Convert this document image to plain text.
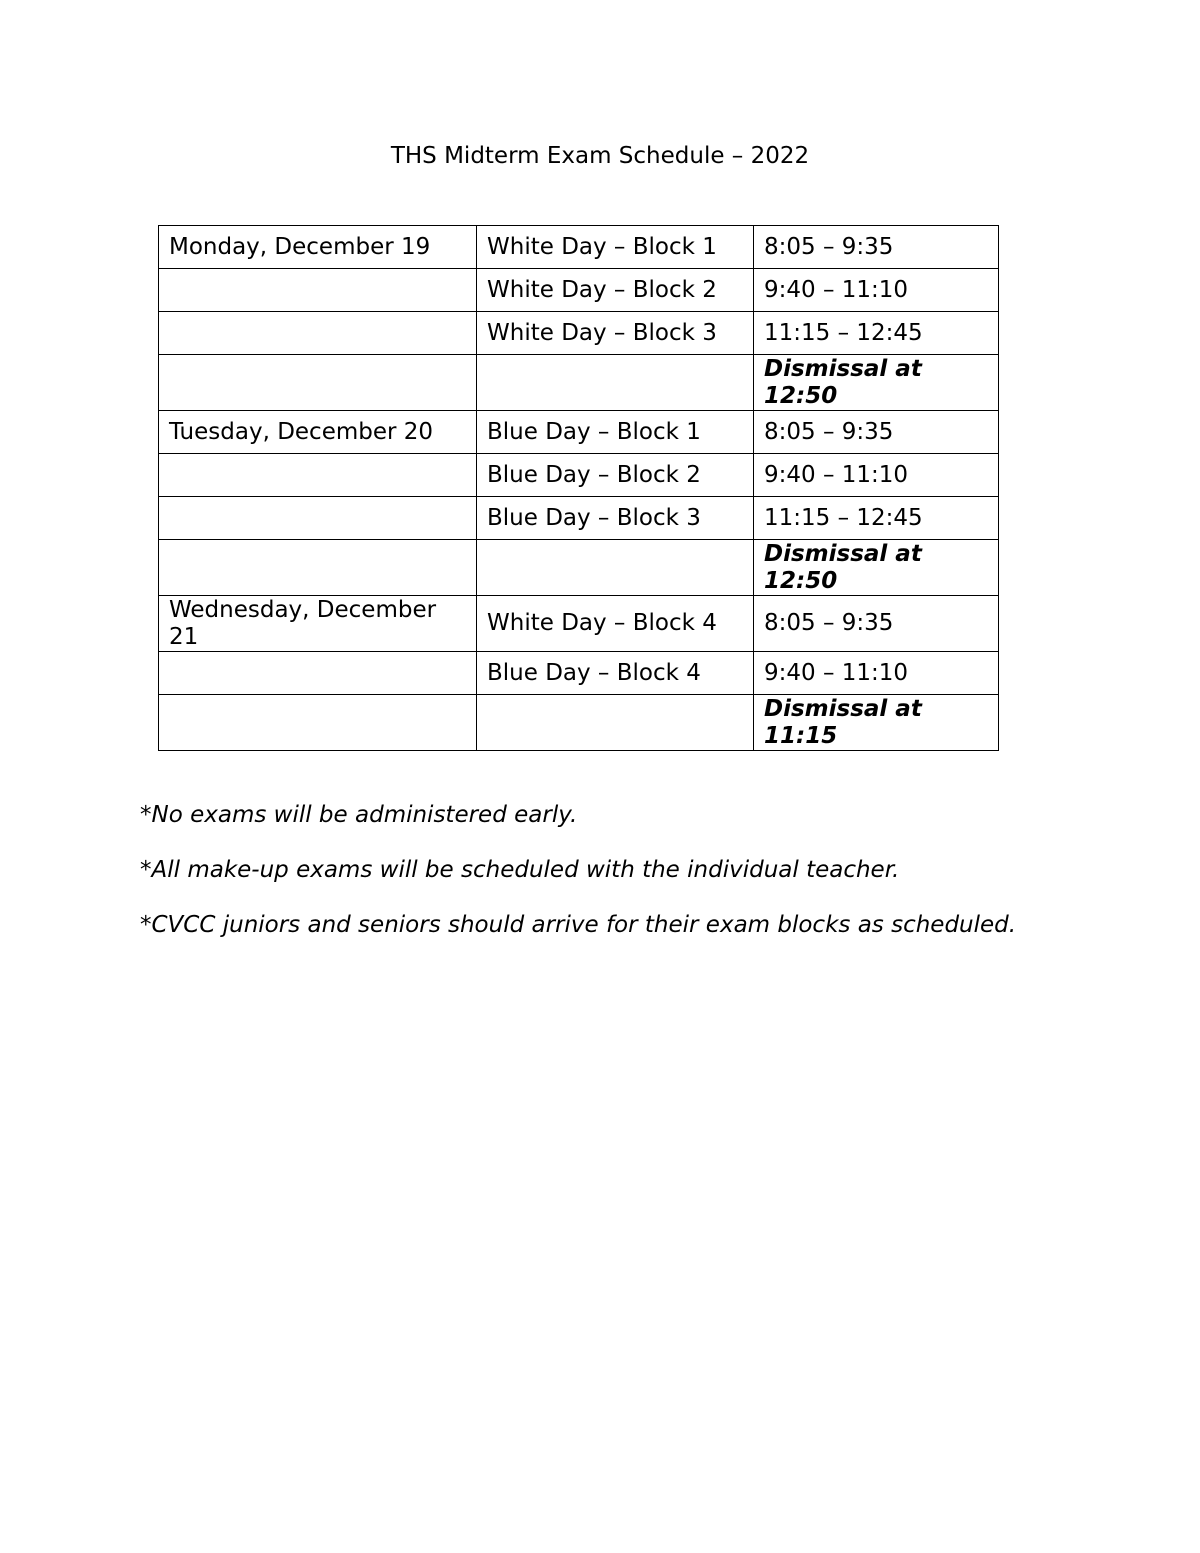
THS Midterm Exam Schedule – 2022
Monday, December 19	White Day – Block 1	8:05 – 9:35
	White Day – Block 2	9:40 – 11:10
	White Day – Block 3	11:15 – 12:45
		Dismissal at 12:50
Tuesday, December 20	Blue Day – Block 1	8:05 – 9:35
	Blue Day – Block 2	9:40 – 11:10
	Blue Day – Block 3	11:15 – 12:45
		Dismissal at 12:50
Wednesday, December 21	White Day – Block 4	8:05 – 9:35
	Blue Day – Block 4	9:40 – 11:10
		Dismissal at 11:15

*No exams will be administered early.

*All make-up exams will be scheduled with the individual teacher.

*CVCC juniors and seniors should arrive for their exam blocks as scheduled.
